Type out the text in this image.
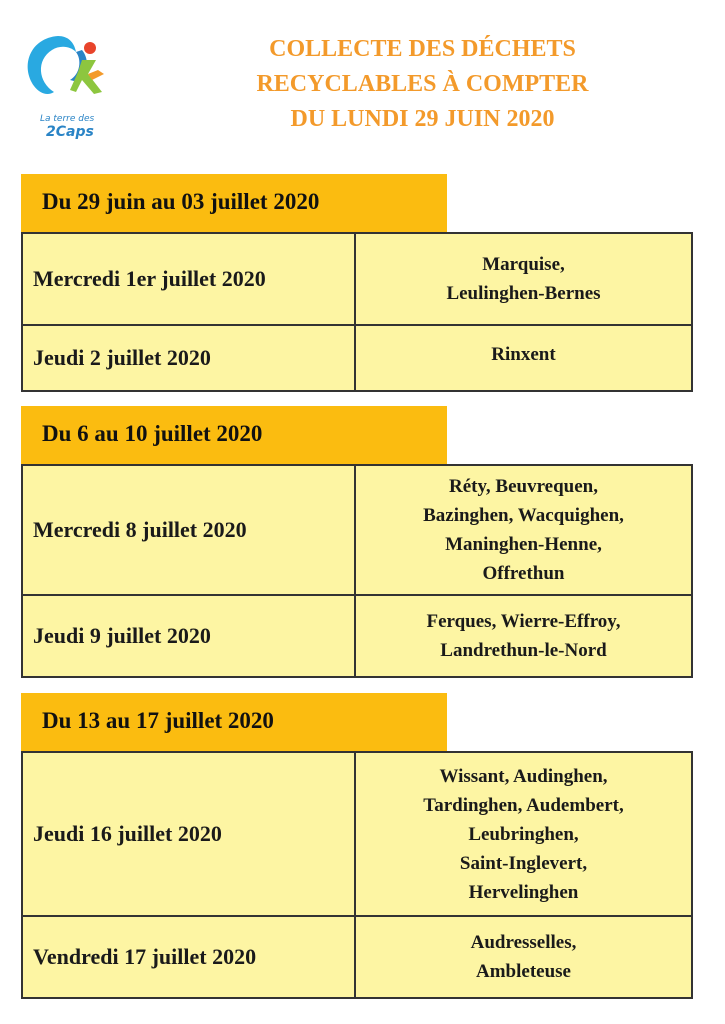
La terre des
2Caps
COLLECTE DES DÉCHETS
RECYCLABLES À COMPTER
DU LUNDI 29 JUIN 2020
Du 29 juin au 03 juillet 2020
Mercredi 1er juillet 2020	Marquise,
Leulinghen-Bernes

Jeudi 2 juillet 2020	Rinxent
Du 6 au 10 juillet 2020
Mercredi 8 juillet 2020	Réty, Beuvrequen,
Bazinghen, Wacquighen,
Maninghen-Henne,
Offrethun

Jeudi 9 juillet 2020	Ferques, Wierre-Effroy,
Landrethun-le-Nord
Du 13 au 17 juillet 2020
Jeudi 16 juillet 2020	Wissant, Audinghen,
Tardinghen, Audembert,
Leubringhen,
Saint-Inglevert,
Hervelinghen

Vendredi 17 juillet 2020	Audresselles,
Ambleteuse
